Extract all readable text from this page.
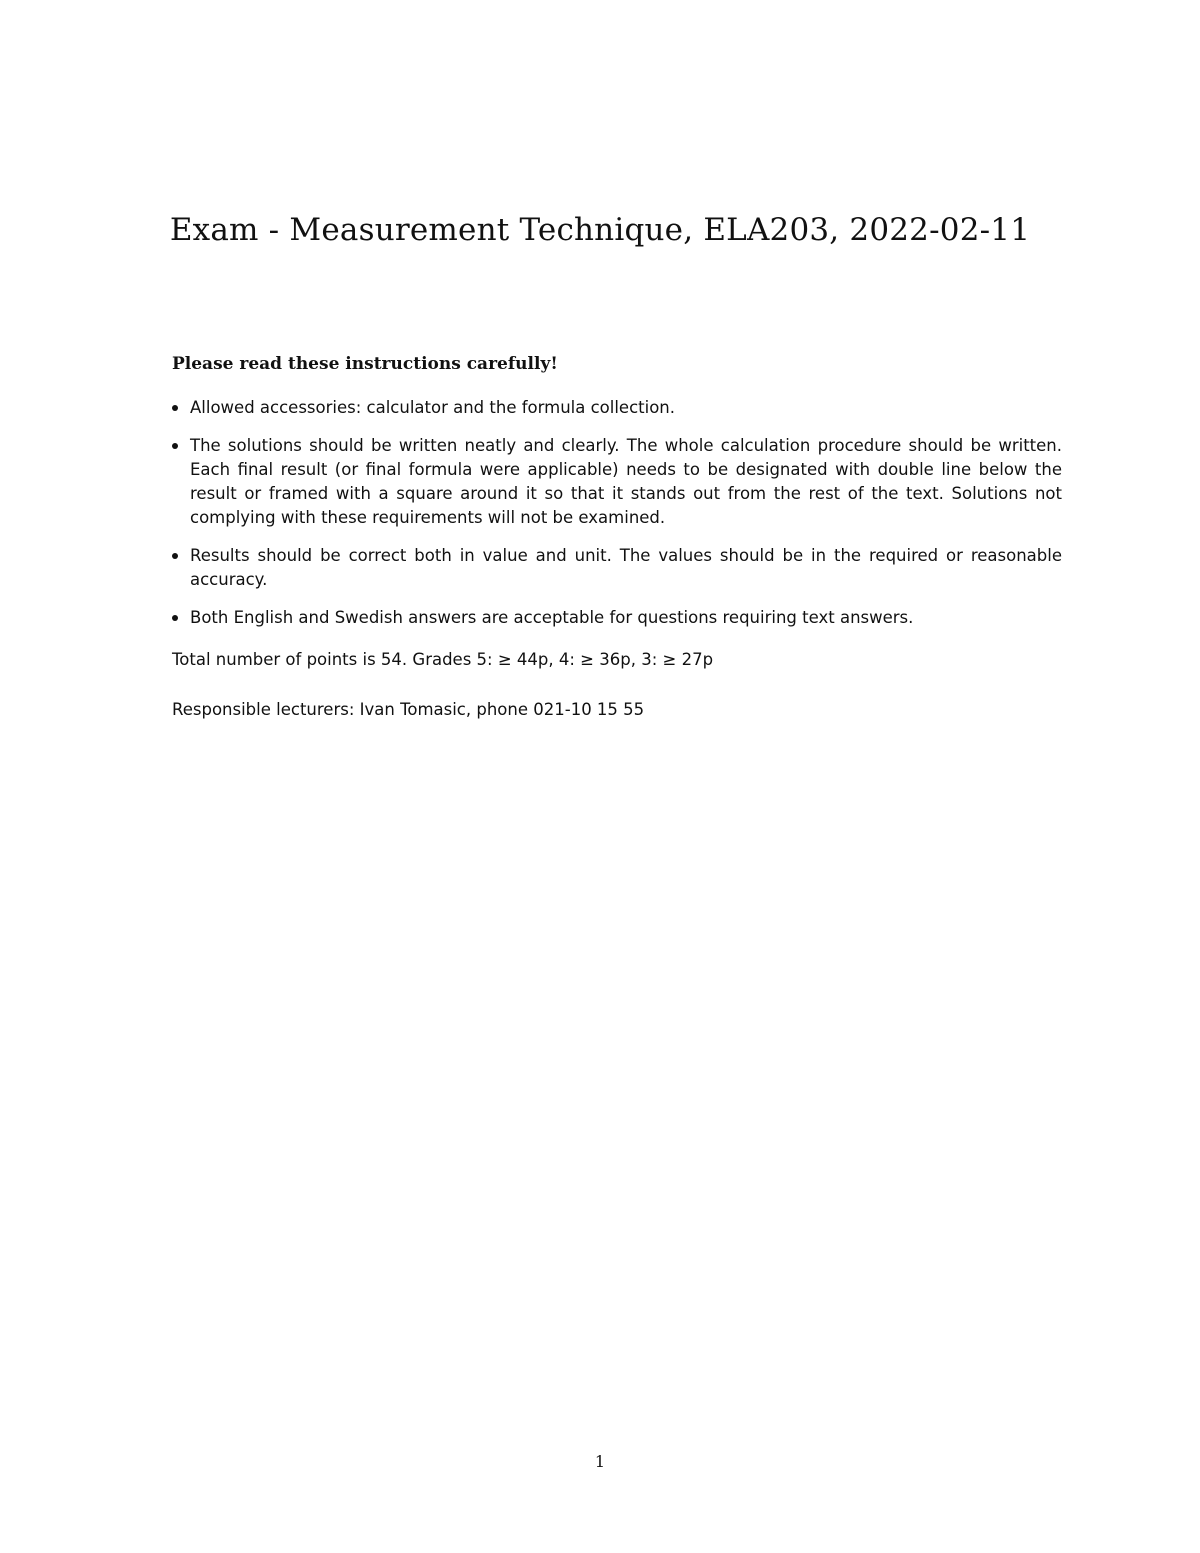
Exam - Measurement Technique, ELA203, 2022-02-11

Please read these instructions carefully!

Allowed accessories: calculator and the formula collection.
The solutions should be written neatly and clearly. The whole calculation procedure should be written. Each final result (or final formula were applicable) needs to be designated with double line below the result or framed with a square around it so that it stands out from the rest of the text. Solutions not complying with these requirements will not be examined.
Results should be correct both in value and unit. The values should be in the required or reasonable accuracy.
Both English and Swedish answers are acceptable for questions requiring text answers.

Total number of points is 54. Grades 5: ≥ 44p, 4: ≥ 36p, 3: ≥ 27p

Responsible lecturers: Ivan Tomasic, phone 021-10 15 55

1
